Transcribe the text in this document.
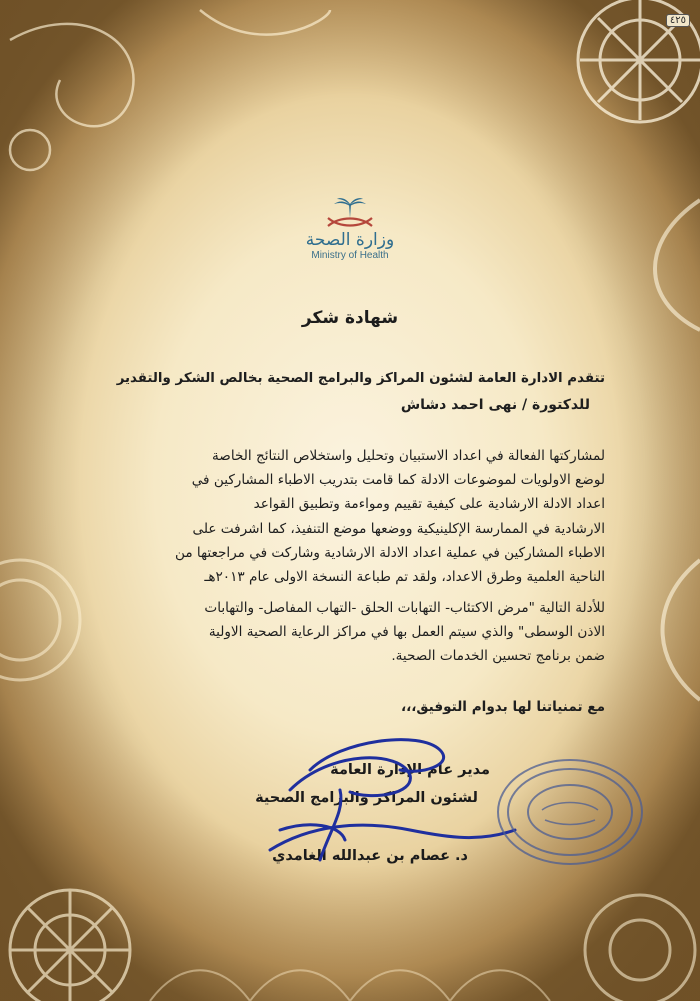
٤٢٥
وزارة الصحة
Ministry of Health
شهادة شكر
تتقدم الادارة العامة لشئون المراكز والبرامج الصحية بخالص الشكر والتقدير
للدكتورة / نهى احمد دشاش
لمشاركتها الفعالة في اعداد الاستبيان وتحليل واستخلاص النتائج الخاصة
لوضع الاولويات لموضوعات الادلة كما قامت بتدريب الاطباء المشاركين في
اعداد الادلة الارشادية على كيفية تقييم ومواءمة وتطبيق القواعد
الارشادية في الممارسة الإكلينيكية ووضعها موضع التنفيذ، كما اشرفت على
الاطباء المشاركين في عملية اعداد الادلة الارشادية وشاركت في مراجعتها من
الناحية العلمية وطرق الاعداد، ولقد تم طباعة النسخة الاولى عام ٢٠١٣هـ
للأدلة التالية "مرض الاكتئاب- التهابات الحلق -التهاب المفاصل- والتهابات
الاذن الوسطى" والذي سيتم العمل بها في مراكز الرعاية الصحية الاولية
ضمن برنامج تحسين الخدمات الصحية.
مع تمنياتنا لها بدوام التوفيق،،،
مدير عام الإدارة العامة
لشئون المراكز والبرامج الصحية
د. عصام بن عبدالله الغامدي
